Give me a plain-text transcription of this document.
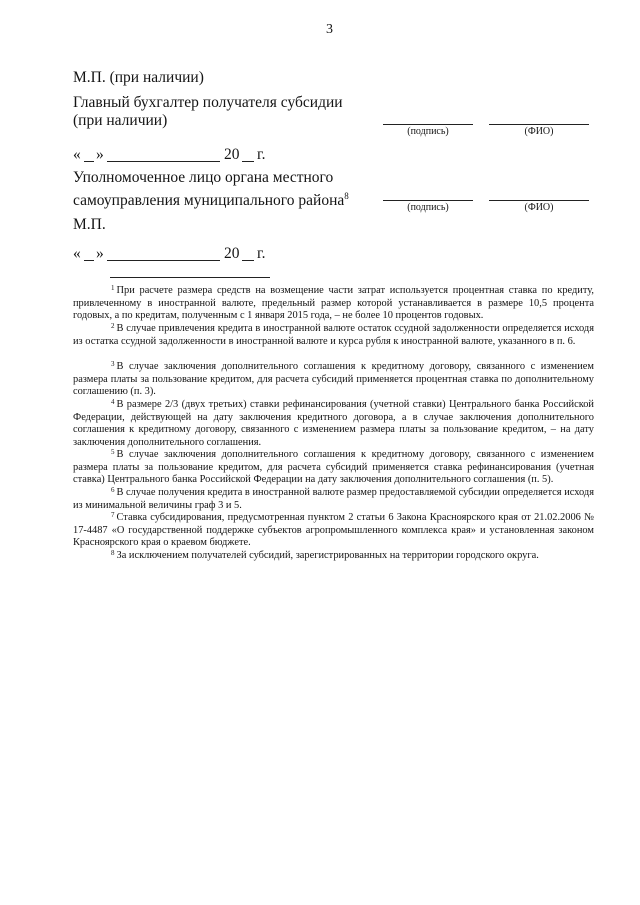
3
М.П. (при наличии)
Главный бухгалтер получателя субсидии
(при наличии)
(подпись)	(ФИО)
« »	20 г.
Уполномоченное лицо органа местного
самоуправления муниципального района$^8$
(подпись)	(ФИО)
М.П.
« »	20 г.
$^1$ При расчете размера средств на возмещение части затрат используется процентная ставка по кредиту, привлеченному в иностранной валюте, предельный размер которой устанавливается в размере 10,5 процента годовых, а по кредитам, полученным с 1 января 2015 года, – не более 10 процентов годовых.
$^2$ В случае привлечения кредита в иностранной валюте остаток ссудной задолженности определяется исходя из остатка ссудной задолженности в иностранной валюте и курса рубля к иностранной валюте, указанного в п. 6.
$^3$ В случае заключения дополнительного соглашения к кредитному договору, связанного с изменением размера платы за пользование кредитом, для расчета субсидий применяется процентная ставка по дополнительному соглашению (п. 3).
$^4$ В размере 2/3 (двух третьих) ставки рефинансирования (учетной ставки) Центрального банка Российской Федерации, действующей на дату заключения кредитного договора, а в случае заключения дополнительного соглашения к кредитному договору, связанного с изменением размера платы за пользование кредитом, – на дату заключения дополнительного соглашения.
$^5$ В случае заключения дополнительного соглашения к кредитному договору, связанного с изменением размера платы за пользование кредитом, для расчета субсидий применяется ставка рефинансирования (учетная ставка) Центрального банка Российской Федерации на дату заключения дополнительного соглашения (п. 5).
$^6$ В случае получения кредита в иностранной валюте размер предоставляемой субсидии определяется исходя из минимальной величины граф 3 и 5.
$^7$ Ставка субсидирования, предусмотренная пунктом 2 статьи 6 Закона Красноярского края от 21.02.2006 № 17-4487 «О государственной поддержке субъектов агропромышленного комплекса края» и установленная законом Красноярского края о краевом бюджете.
$^8$ За исключением получателей субсидий, зарегистрированных на территории городского округа.
